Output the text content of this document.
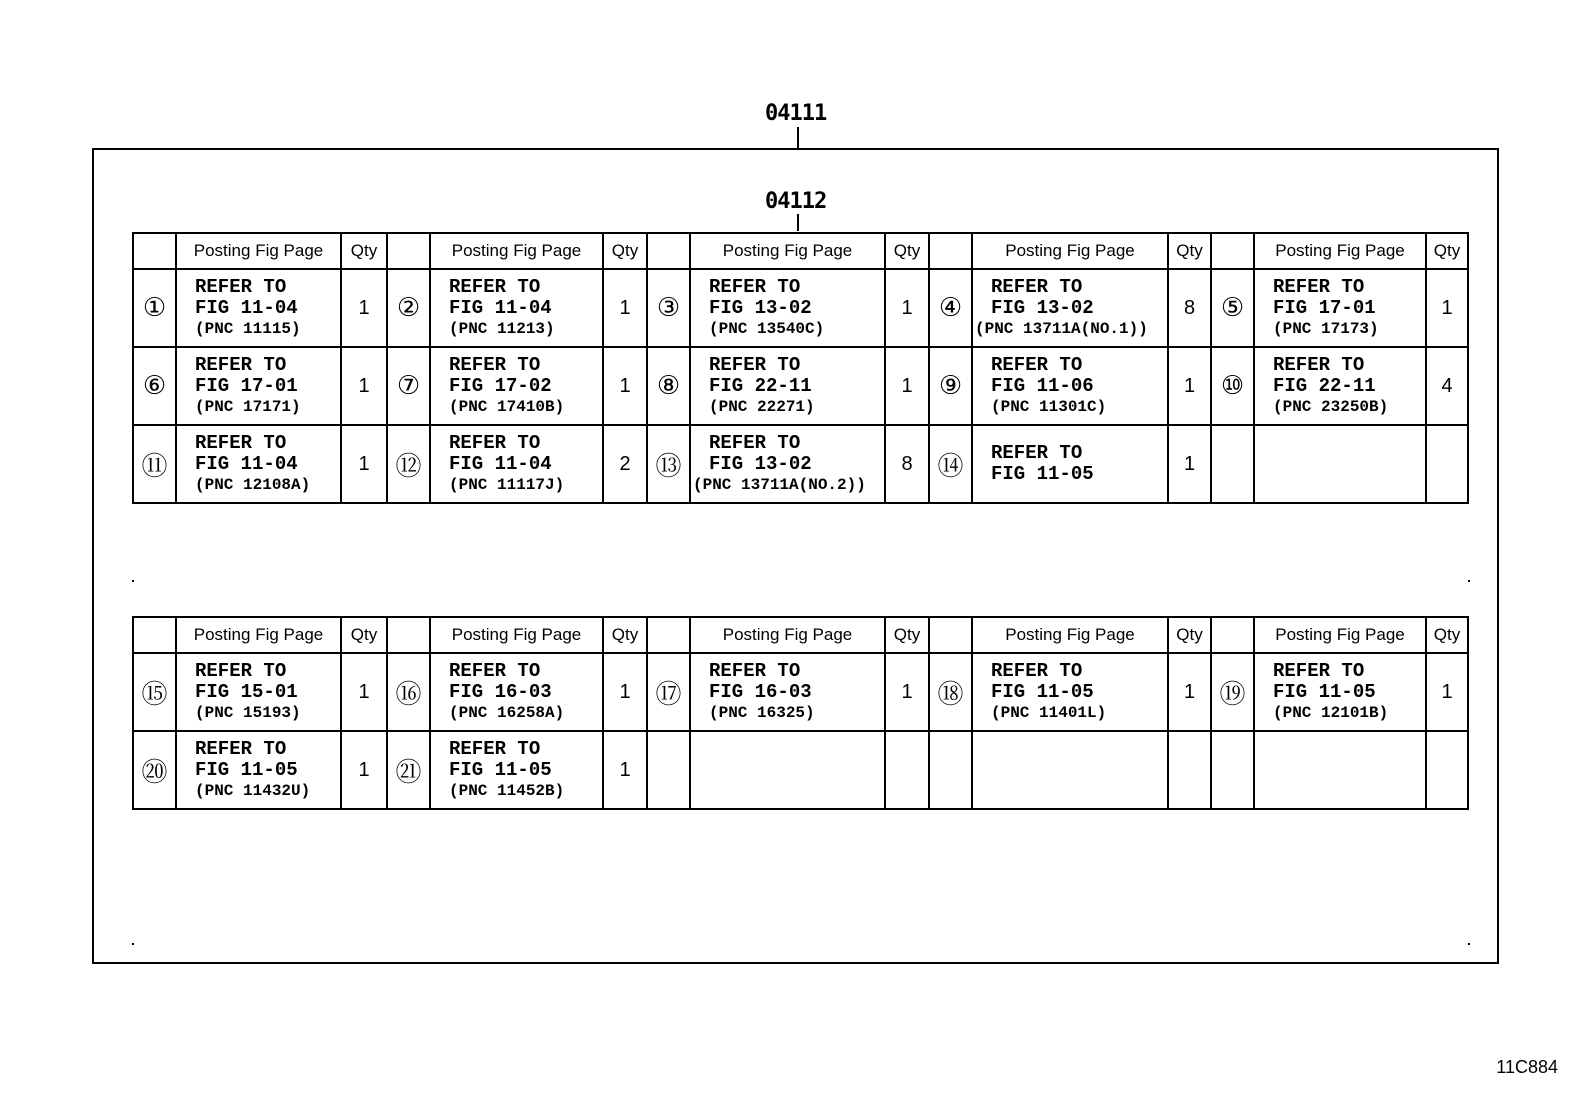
04111
04112
	Posting Fig Page	Qty		Posting Fig Page	Qty		Posting Fig Page	Qty		Posting Fig Page	Qty		Posting Fig Page	Qty
①	REFER TO
FIG 11-04
(PNC 11115)	1	②	REFER TO
FIG 11-04
(PNC 11213)	1	③	REFER TO
FIG 13-02
(PNC 13540C)	1	④	REFER TO
FIG 13-02
(PNC 13711A(NO.1))	8	⑤	REFER TO
FIG 17-01
(PNC 17173)	1
⑥	REFER TO
FIG 17-01
(PNC 17171)	1	⑦	REFER TO
FIG 17-02
(PNC 17410B)	1	⑧	REFER TO
FIG 22-11
(PNC 22271)	1	⑨	REFER TO
FIG 11-06
(PNC 11301C)	1	⑩	REFER TO
FIG 22-11
(PNC 23250B)	4
⑪	REFER TO
FIG 11-04
(PNC 12108A)	1	⑫	REFER TO
FIG 11-04
(PNC 11117J)	2	⑬	REFER TO
FIG 13-02
(PNC 13711A(NO.2))	8	⑭	REFER TO
FIG 11-05	1		

	Posting Fig Page	Qty		Posting Fig Page	Qty		Posting Fig Page	Qty		Posting Fig Page	Qty		Posting Fig Page	Qty
⑮	REFER TO
FIG 15-01
(PNC 15193)	1	⑯	REFER TO
FIG 16-03
(PNC 16258A)	1	⑰	REFER TO
FIG 16-03
(PNC 16325)	1	⑱	REFER TO
FIG 11-05
(PNC 11401L)	1	⑲	REFER TO
FIG 11-05
(PNC 12101B)	1
⑳	REFER TO
FIG 11-05
(PNC 11432U)	1	㉑	REFER TO
FIG 11-05
(PNC 11452B)	1		

11C884
